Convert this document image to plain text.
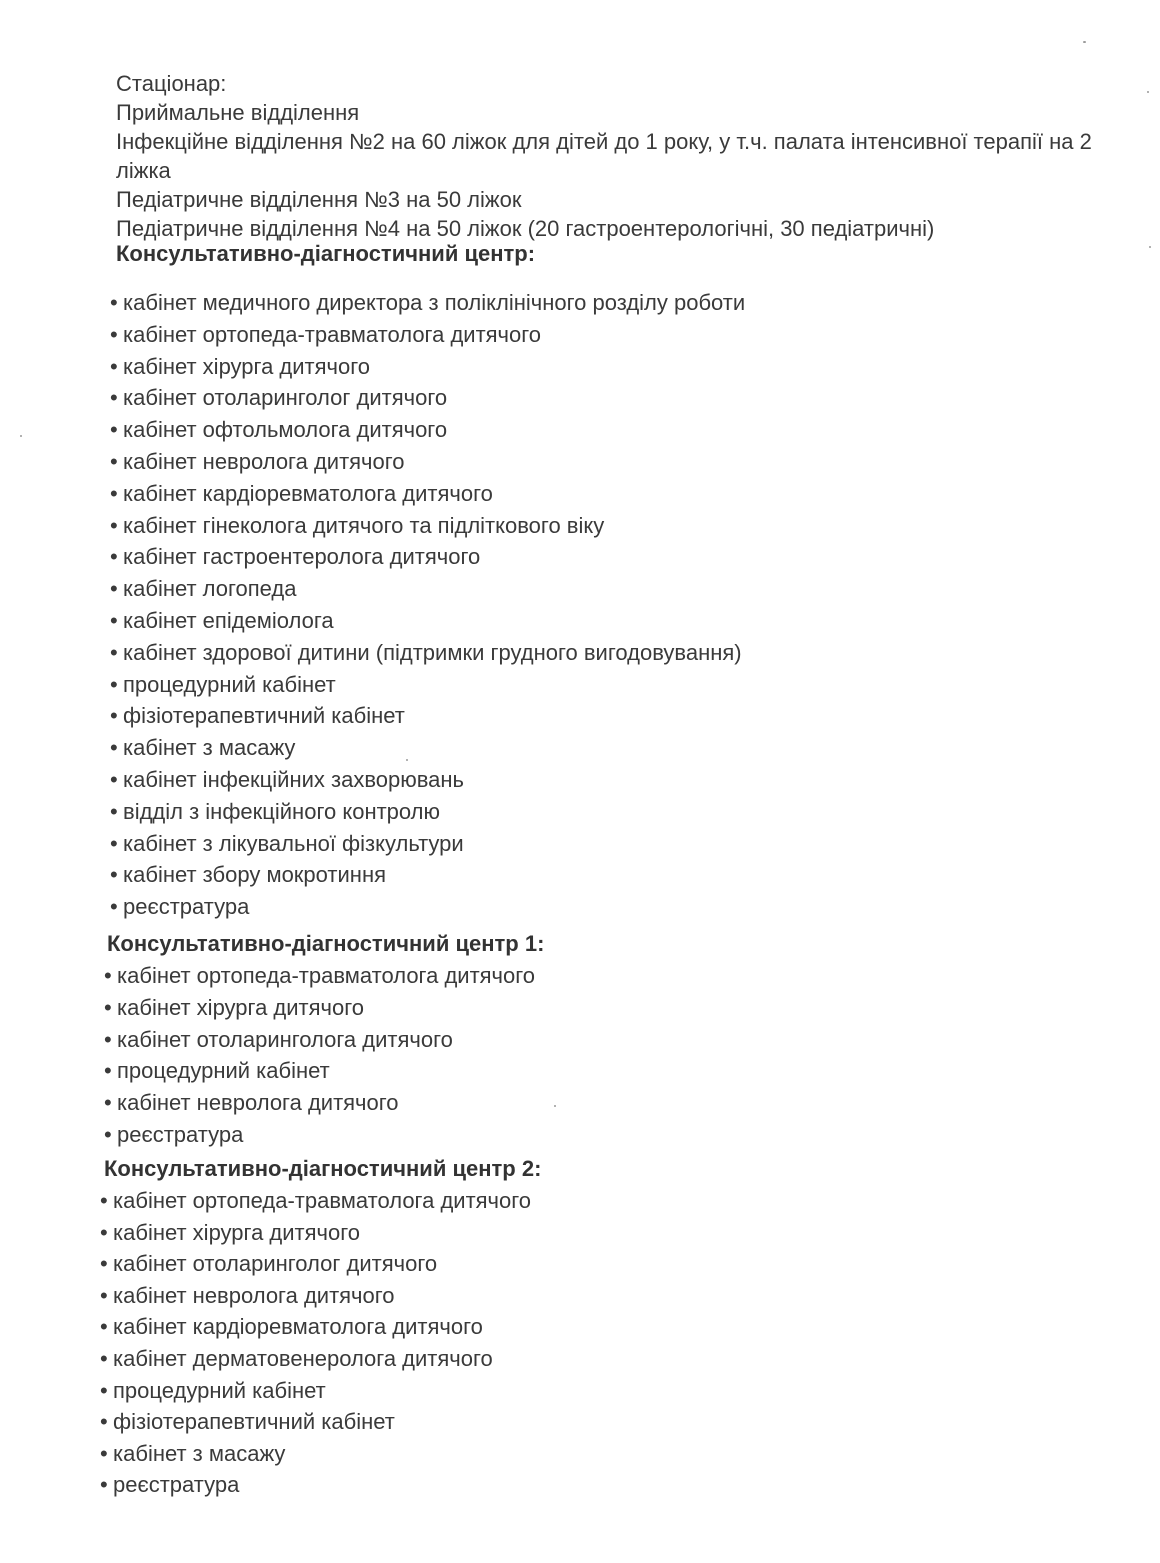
Стаціонар:
Приймальне відділення
Інфекційне відділення №2 на 60 ліжок для дітей до 1 року, у т.ч. палата інтенсивної терапії на 2 ліжка
Педіатричне відділення №3 на 50 ліжок
Педіатричне відділення №4 на 50 ліжок (20 гастроентерологічні, 30 педіатричні)
Консультативно-діагностичний центр:
• кабінет медичного директора з поліклінічного розділу роботи
• кабінет ортопеда-травматолога дитячого
• кабінет хірурга дитячого
• кабінет отоларинголог дитячого
• кабінет офтольмолога дитячого
• кабінет невролога дитячого
• кабінет кардіоревматолога дитячого
• кабінет гінеколога дитячого та підліткового віку
• кабінет гастроентеролога дитячого
• кабінет логопеда
• кабінет епідеміолога
• кабінет здорової дитини (підтримки грудного вигодовування)
• процедурний кабінет
• фізіотерапевтичний кабінет
• кабінет з масажу
• кабінет інфекційних захворювань
• відділ з інфекційного контролю
• кабінет з лікувальної фізкультури
• кабінет збору мокротиння
• реєстратура
Консультативно-діагностичний центр 1:
• кабінет ортопеда-травматолога дитячого
• кабінет хірурга дитячого
• кабінет отоларинголога дитячого
• процедурний кабінет
• кабінет невролога дитячого
• реєстратура
Консультативно-діагностичний центр 2:
• кабінет ортопеда-травматолога дитячого
• кабінет хірурга дитячого
• кабінет отоларинголог дитячого
• кабінет невролога дитячого
• кабінет кардіоревматолога дитячого
• кабінет дерматовенеролога дитячого
• процедурний кабінет
• фізіотерапевтичний кабінет
• кабінет з масажу
• реєстратура
